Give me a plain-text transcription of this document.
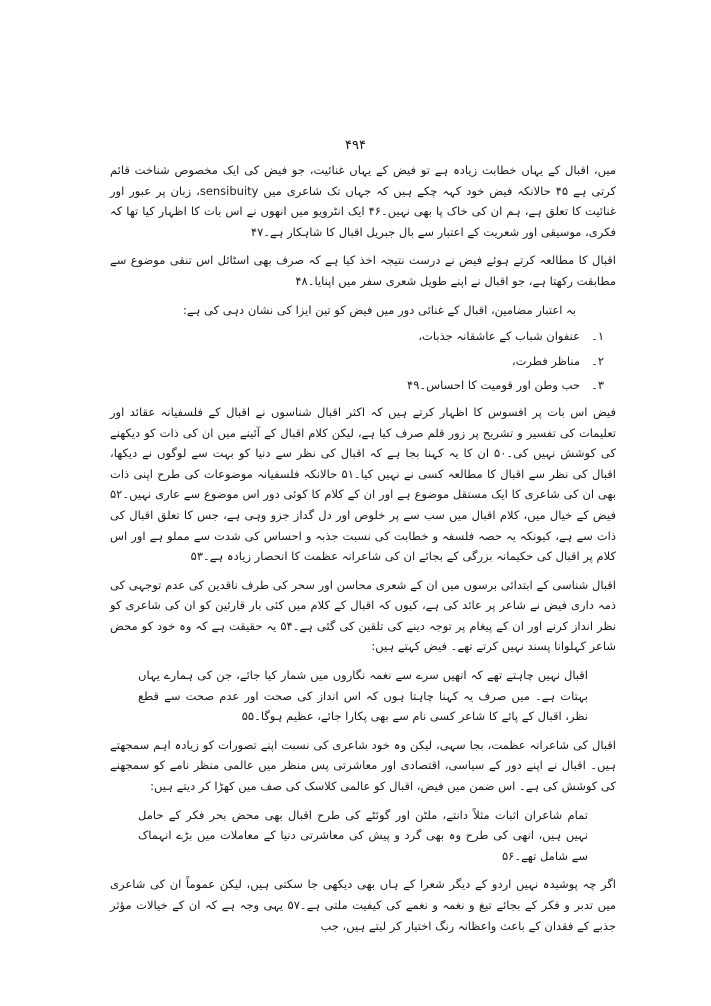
۴۹۴

میں، اقبال کے یہاں خطابت زیادہ ہے تو فیض کے یہاں غنائیت، جو فیض کی ایک مخصوص شناخت قائم کرتی ہے ۴۵ حالانکہ فیض خود کہہ چکے ہیں کہ جہاں تک شاعری میں sensibuity، زبان پر عبور اور غنائیت کا تعلق ہے، ہم ان کی خاک پا بھی نہیں۔۴۶ ایک انٹرویو میں انھوں نے اس بات کا اظہار کیا تھا کہ فکری، موسیقی اور شعریت کے اعتبار سے بال جبریل اقبال کا شاہکار ہے۔۴۷

اقبال کا مطالعہ کرتے ہوئے فیض نے درست نتیجہ اخذ کیا ہے کہ صرف بھی اسٹائل اس تنقی موضوع سے مطابقت رکھتا ہے، جو اقبال نے اپنے طویل شعری سفر میں اپنایا۔۴۸

بہ اعتبار مضامین، اقبال کے غنائی دور میں فیض کو تین ایزا کی نشان دہی کی ہے:

۱۔
عنفوان شباب کے عاشقانہ جذبات،
۲۔
مناظر فطرت،
۳۔
حب وطن اور قومیت کا احساس۔۴۹

فیض اس بات پر افسوس کا اظہار کرتے ہیں کہ اکثر اقبال شناسوں نے اقبال کے فلسفیانہ عقائد اور تعلیمات کی تفسیر و تشریح پر زور قلم صرف کیا ہے، لیکن کلام اقبال کے آئینے میں ان کی ذات کو دیکھنے کی کوشش نہیں کی۔۵۰ ان کا یہ کہنا بجا ہے کہ اقبال کی نظر سے دنیا کو بہت سے لوگوں نے دیکھا، اقبال کی نظر سے اقبال کا مطالعہ کسی نے نہیں کیا۔۵۱ حالانکہ فلسفیانہ موضوعات کی طرح اپنی ذات بھی ان کی شاعری کا ایک مستقل موضوع ہے اور ان کے کلام کا کوئی دور اس موضوع سے عاری نہیں۔۵۲ فیض کے خیال میں، کلام اقبال میں سب سے پر خلوص اور دل گداز جزو وہی ہے، جس کا تعلق اقبال کی ذات سے ہے، کیونکہ یہ حصہ فلسفہ و خطابت کی نسبت جذبہ و احساس کی شدت سے مملو ہے اور اس کلام پر اقبال کی حکیمانہ بزرگی کے بجائے ان کی شاعرانہ عظمت کا انحصار زیادہ ہے۔۵۳

اقبال شناسی کے ابتدائی برسوں میں ان کے شعری محاسن اور سحر کی طرف ناقدین کی عدم توجہی کی ذمہ داری فیض نے شاعر پر عائد کی ہے، کیوں کہ اقبال کے کلام میں کئی بار قارئین کو ان کی شاعری کو نظر انداز کرنے اور ان کے پیغام پر توجہ دینے کی تلقین کی گئی ہے۔۵۴ یہ حقیقت ہے کہ وہ خود کو محض شاعر کہلوانا پسند نہیں کرتے تھے۔ فیض کہتے ہیں:

اقبال نہیں چاہتے تھے کہ انھیں سرے سے نغمہ نگاروں میں شمار کیا جائے، جن کی ہمارے یہاں بہتات ہے۔ میں صرف یہ کہنا چاہتا ہوں کہ اس انداز کی صحت اور عدم صحت سے قطع نظر، اقبال کے پائے کا شاعر کسی نام سے بھی پکارا جائے، عظیم ہوگا۔۵۵

اقبال کی شاعرانہ عظمت، بجا سہی، لیکن وہ خود شاعری کی نسبت اپنے تصورات کو زیادہ اہم سمجھتے ہیں۔ اقبال نے اپنے دور کے سیاسی، اقتصادی اور معاشرتی پس منظر میں عالمی منظر نامے کو سمجھنے کی کوشش کی ہے۔ اس ضمن میں فیض، اقبال کو عالمی کلاسک کی صف میں کھڑا کر دیتے ہیں:

تمام شاعران اثبات مثلاً دانتے، ملٹن اور گوئٹے کی طرح اقبال بھی محض بحر فکر کے حامل نہیں ہیں، انھی کی طرح وہ بھی گرد و پیش کی معاشرتی دنیا کے معاملات میں بڑے انہماک سے شامل تھے۔۵۶

اگر چہ پوشیدہ نہیں اردو کے دیگر شعرا کے ہاں بھی دیکھی جا سکتی ہیں، لیکن عموماً ان کی شاعری میں تدبر و فکر کے بجائے تیغ و نغمہ و نغمے کی کیفیت ملتی ہے۔۵۷ یہی وجہ ہے کہ ان کے خیالات مؤثر جذبے کے فقدان کے باعث واعظانہ رنگ اختیار کر لیتے ہیں، جب
